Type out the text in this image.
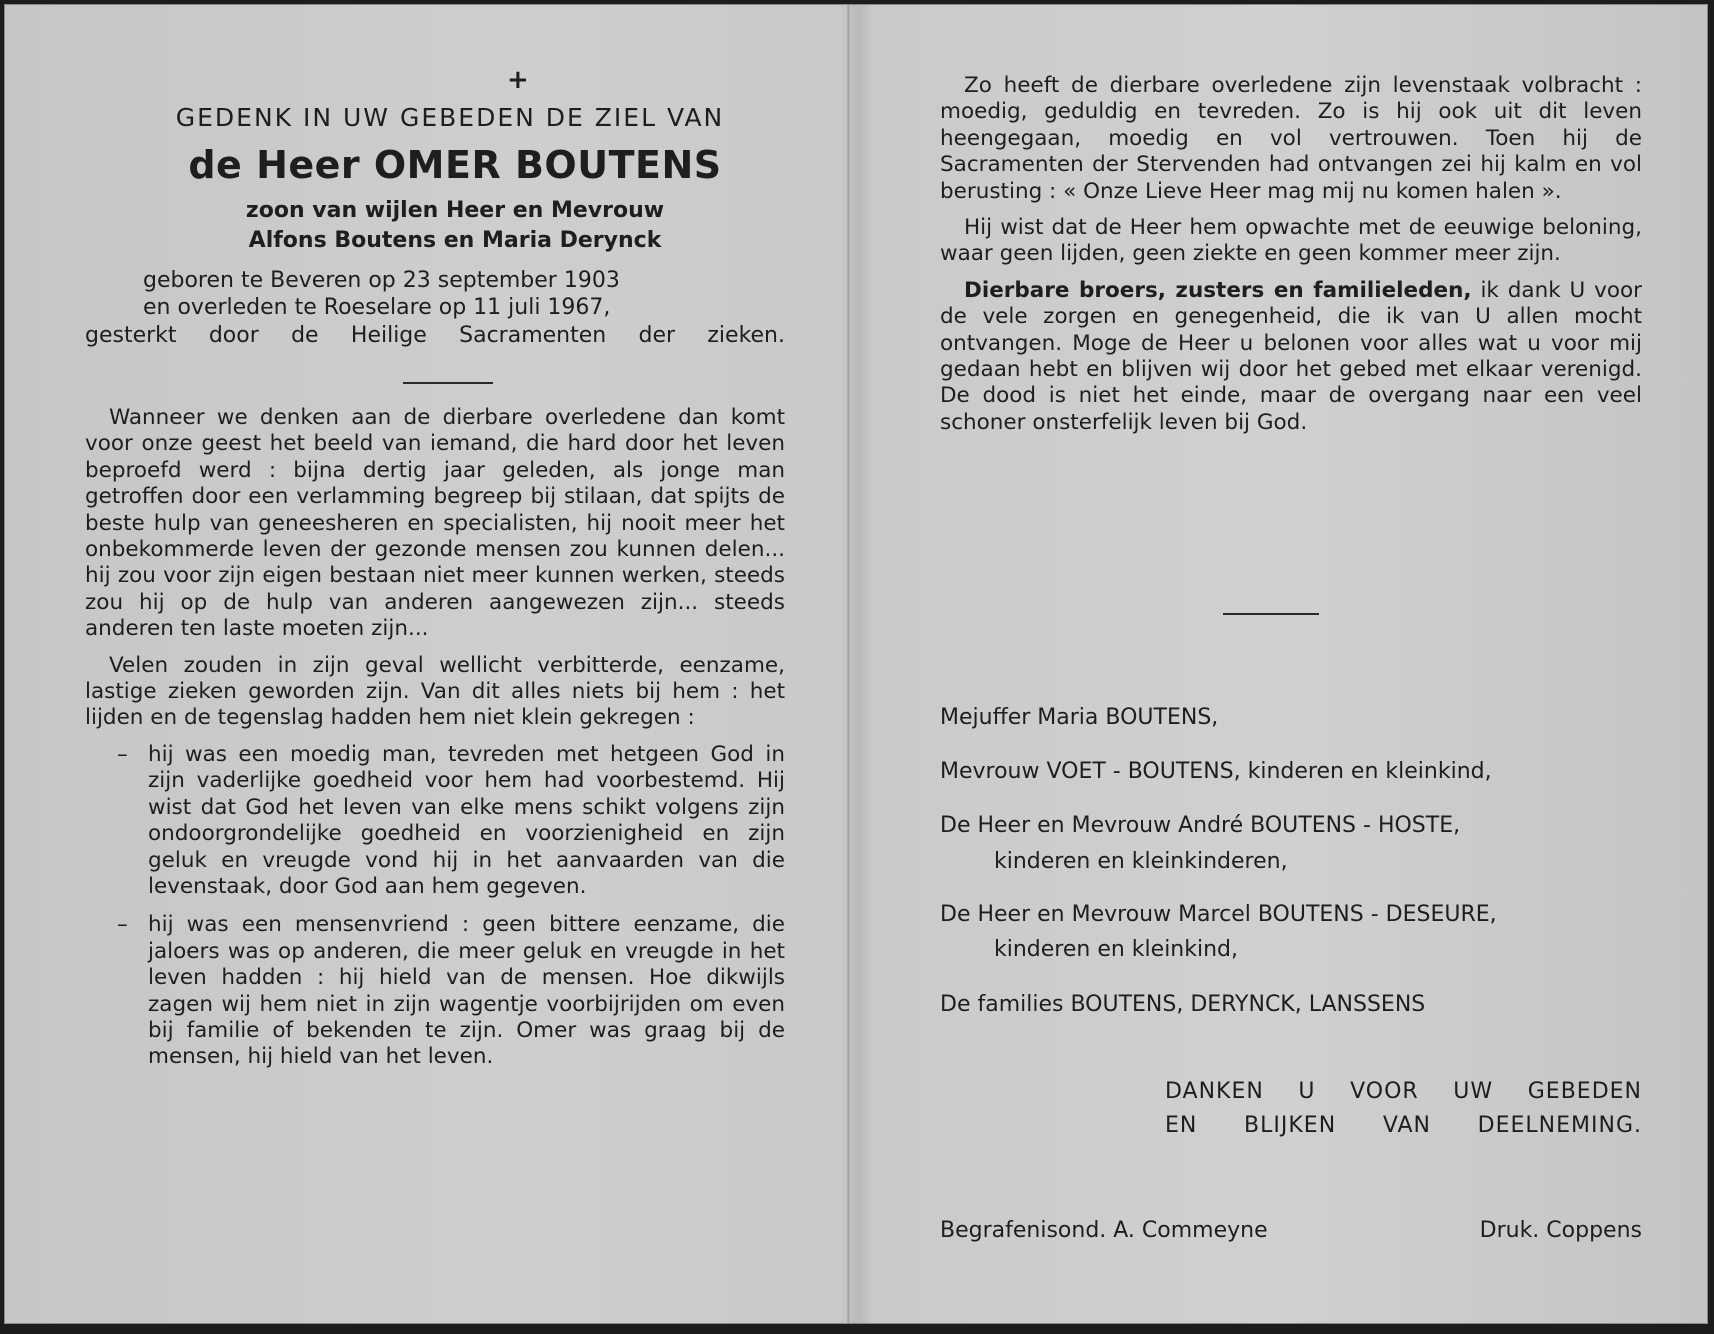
+
GEDENK IN UW GEBEDEN DE ZIEL VAN
de Heer OMER BOUTENS
zoon van wijlen Heer en Mevrouw
Alfons Boutens en Maria Derynck
geboren te Beveren op 23 september 1903
en overleden te Roeselare op 11 juli 1967,
gesterkt door de Heilige Sacramenten der zieken.

Wanneer we denken aan de dierbare overledene dan komt voor onze geest het beeld van iemand, die hard door het leven beproefd werd : bijna dertig jaar geleden, als jonge man getroffen door een verlamming begreep bij stilaan, dat spijts de beste hulp van geneesheren en specialisten, hij nooit meer het onbekommerde leven der gezonde mensen zou kunnen delen... hij zou voor zijn eigen bestaan niet meer kunnen werken, steeds zou hij op de hulp van anderen aangewezen zijn... steeds anderen ten laste moeten zijn...

Velen zouden in zijn geval wellicht verbitterde, eenzame, lastige zieken geworden zijn. Van dit alles niets bij hem : het lijden en de tegenslag hadden hem niet klein gekregen :

– hij was een moedig man, tevreden met hetgeen God in zijn vaderlijke goedheid voor hem had voorbestemd. Hij wist dat God het leven van elke mens schikt volgens zijn ondoorgrondelijke goedheid en voorzienigheid en zijn geluk en vreugde vond hij in het aanvaarden van die levenstaak, door God aan hem gegeven.

– hij was een mensenvriend : geen bittere eenzame, die jaloers was op anderen, die meer geluk en vreugde in het leven hadden : hij hield van de mensen. Hoe dikwijls zagen wij hem niet in zijn wagentje voorbijrijden om even bij familie of bekenden te zijn. Omer was graag bij de mensen, hij hield van het leven.

Zo heeft de dierbare overledene zijn levenstaak volbracht : moedig, geduldig en tevreden. Zo is hij ook uit dit leven heengegaan, moedig en vol vertrouwen. Toen hij de Sacramenten der Stervenden had ontvangen zei hij kalm en vol berusting : « Onze Lieve Heer mag mij nu komen halen ».

Hij wist dat de Heer hem opwachte met de eeuwige beloning, waar geen lijden, geen ziekte en geen kommer meer zijn.

Dierbare broers, zusters en familieleden, ik dank U voor de vele zorgen en genegenheid, die ik van U allen mocht ontvangen. Moge de Heer u belonen voor alles wat u voor mij gedaan hebt en blijven wij door het gebed met elkaar verenigd. De dood is niet het einde, maar de overgang naar een veel schoner onsterfelijk leven bij God.

Mejuffer Maria BOUTENS,
Mevrouw VOET - BOUTENS, kinderen en kleinkind,
De Heer en Mevrouw André BOUTENS - HOSTE,
kinderen en kleinkinderen,
De Heer en Mevrouw Marcel BOUTENS - DESEURE,
kinderen en kleinkind,
De families BOUTENS, DERYNCK, LANSSENS
DANKEN U VOOR UW GEBEDEN
EN BLIJKEN VAN DEELNEMING.
Begrafenisond. A. Commeyne	Druk. Coppens
